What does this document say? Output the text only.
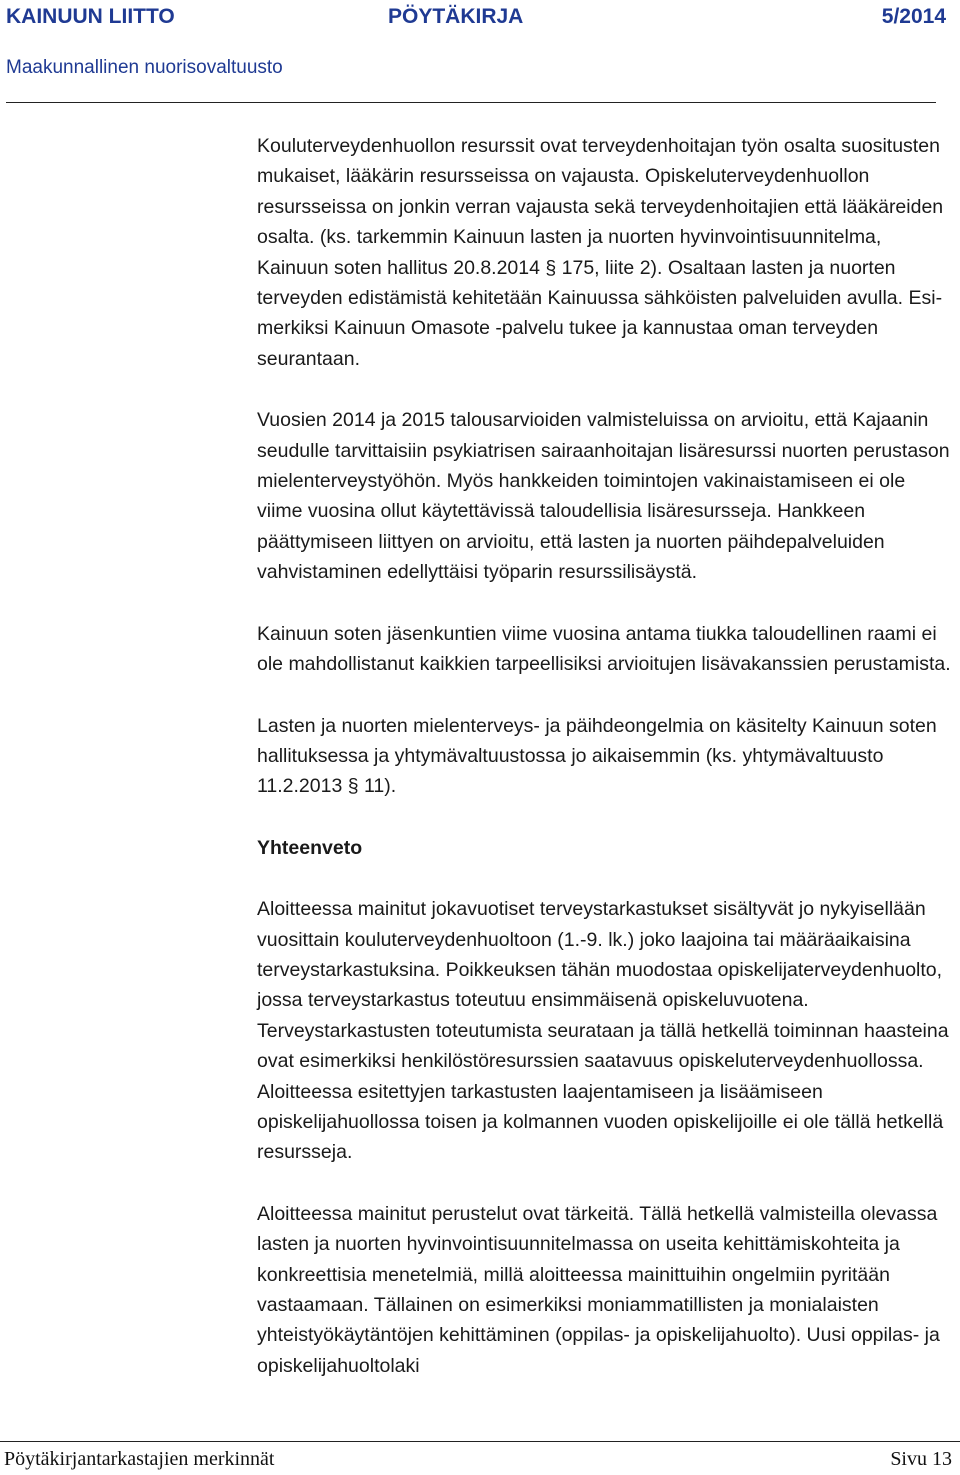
KAINUUN LIITTO	PÖYTÄKIRJA	5/2014
Maakunnallinen nuorisovaltuusto

Kouluterveydenhuollon resurssit ovat terveydenhoitajan työn osalta suositusten mukaiset, lääkärin resursseissa on vajausta. Opiskeluterveydenhuollon resursseissa on jonkin verran vajausta sekä terveydenhoitajien että lääkäreiden osalta. (ks. tarkemmin Kainuun lasten ja nuorten hyvinvointisuunnitelma, Kainuun soten hallitus 20.8.2014 § 175, liite 2). Osaltaan lasten ja nuorten terveyden edistämistä kehitetään Kainuussa sähköisten palveluiden avulla. Esimerkiksi Kainuun Omasote -palvelu tukee ja kannustaa oman terveyden seurantaan.

Vuosien 2014 ja 2015 talousarvioiden valmisteluissa on arvioitu, että Kajaanin seudulle tarvittaisiin psykiatrisen sairaanhoitajan lisäresurssi nuorten perustason mielenterveystyöhön. Myös hankkeiden toimintojen vakinaistamiseen ei ole viime vuosina ollut käytettävissä taloudellisia lisäresursseja. Hankkeen päättymiseen liittyen on arvioitu, että lasten ja nuorten päihdepalveluiden vahvistaminen edellyttäisi työparin resurssilisäystä.

Kainuun soten jäsenkuntien viime vuosina antama tiukka taloudellinen raami ei ole mahdollistanut kaikkien tarpeellisiksi arvioitujen lisävakanssien perustamista.

Lasten ja nuorten mielenterveys- ja päihdeongelmia on käsitelty Kainuun soten hallituksessa ja yhtymävaltuustossa jo aikaisemmin (ks. yhtymävaltuusto 11.2.2013 § 11).

Yhteenveto

Aloitteessa mainitut jokavuotiset terveystarkastukset sisältyvät jo nykyisellään vuosittain kouluterveydenhuoltoon (1.-9. lk.) joko laajoina tai määräaikaisina terveystarkastuksina. Poikkeuksen tähän muodostaa opiskelijaterveydenhuolto, jossa terveystarkastus toteutuu ensimmäisenä opiskeluvuotena. Terveystarkastusten toteutumista seurataan ja tällä hetkellä toiminnan haasteina ovat esimerkiksi henkilöstöresurssien saatavuus opiskeluterveydenhuollossa. Aloitteessa esitettyjen tarkastusten laajentamiseen ja lisäämiseen opiskelijahuollossa toisen ja kolmannen vuoden opiskelijoille ei ole tällä hetkellä resursseja.

Aloitteessa mainitut perustelut ovat tärkeitä. Tällä hetkellä valmisteilla olevassa lasten ja nuorten hyvinvointisuunnitelmassa on useita kehittämiskohteita ja konkreettisia menetelmiä, millä aloitteessa mainittuihin ongelmiin pyritään vastaamaan. Tällainen on esimerkiksi moniammatillisten ja monialaisten yhteistyökäytäntöjen kehittäminen (oppilas- ja opiskelijahuolto). Uusi oppilas- ja opiskelijahuoltolaki

Pöytäkirjantarkastajien merkinnät	Sivu 13
